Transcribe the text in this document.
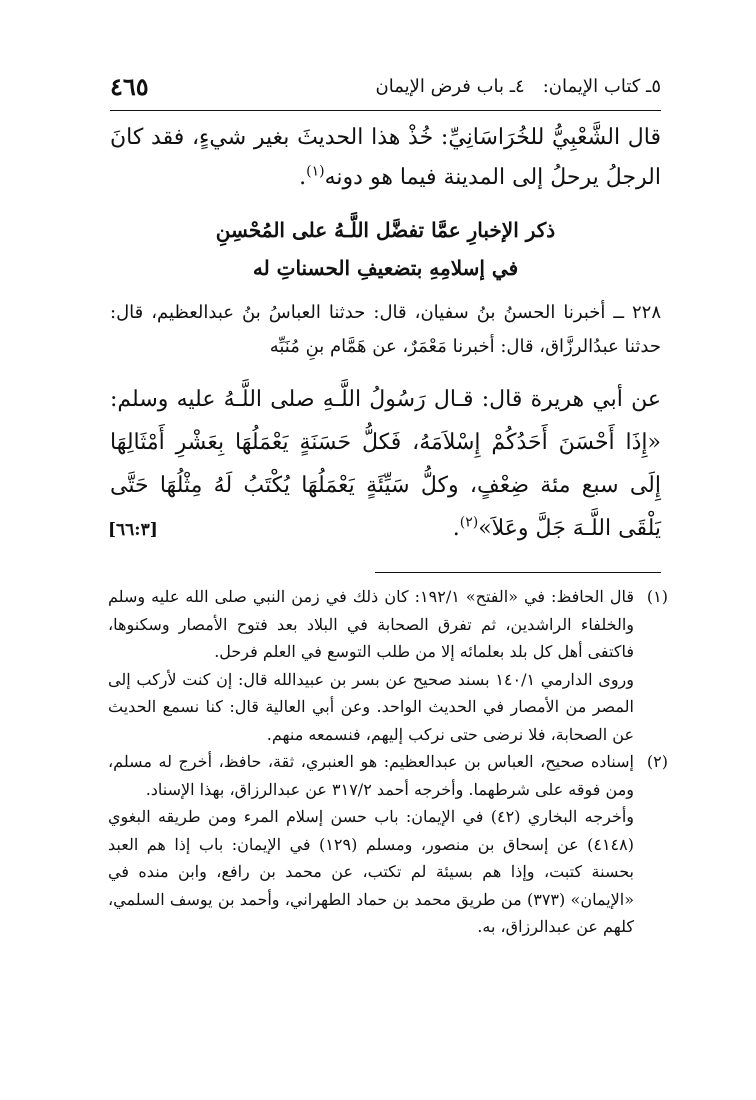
٥ـ كتاب الإيمان:٤ـ باب فرض الإيمان
٤٦٥
قال الشَّعْبِيُّ للخُرَاسَانِيِّ: خُذْ هذا الحديثَ بغير شيءٍ، فقد كانَ الرجلُ يرحلُ إلى المدينة فيما هو دونه$^{(١)}$.
ذكر الإخبارِ عمَّا تفضَّل اللَّـهُ على المُحْسِنِ
في إسلامِهِ بتضعيفِ الحسناتِ له
٢٢٨ ــ أخبرنا الحسنُ بنُ سفيان، قال: حدثنا العباسُ بنُ عبدالعظيم، قال: حدثنا عبدُالرزَّاق، قال: أخبرنا مَعْمَرٌ، عن هَمَّام بنِ مُنَبِّه
عن أبي هريرة قال: قـال رَسُولُ اللَّـهِ صلى اللَّـهُ عليه وسلم: «إِذَا أَحْسَنَ أَحَدُكُمْ إِسْلاَمَهُ، فَكلُّ حَسَنَةٍ يَعْمَلُهَا بِعَشْرِ أَمْثَالِهَا إِلَى سبع مئة ضِعْفٍ، وكلُّ سَيِّئَةٍ يَعْمَلُهَا يُكْتَبُ لَهُ مِثْلُهَا حَتَّى يَلْقَى اللَّـهَ جَلَّ وعَلاَ»$^{(٢)}$.
[٦٦:٣]
(١)

قال الحافظ: في «الفتح» ١٩٢/١: كان ذلك في زمن النبي صلى الله عليه وسلم والخلفاء الراشدين، ثم تفرق الصحابة في البلاد بعد فتوح الأمصار وسكنوها، فاكتفى أهل كل بلد بعلمائه إلا من طلب التوسع في العلم فرحل.

وروى الدارمي ١٤٠/١ بسند صحيح عن بسر بن عبيدالله قال: إن كنت لأركب إلى المصر من الأمصار في الحديث الواحد. وعن أبي العالية قال: كنا نسمع الحديث عن الصحابة، فلا نرضى حتى نركب إليهم، فنسمعه منهم.

(٢)

إسناده صحيح، العباس بن عبدالعظيم: هو العنبري، ثقة، حافظ، أخرج له مسلم، ومن فوقه على شرطهما. وأخرجه أحمد ٣١٧/٢ عن عبدالرزاق، بهذا الإسناد.

وأخرجه البخاري (٤٢) في الإيمان: باب حسن إسلام المرء ومن طريقه البغوي (٤١٤٨) عن إسحاق بن منصور، ومسلم (١٢٩) في الإيمان: باب إذا هم العبد بحسنة كتبت، وإذا هم بسيئة لم تكتب، عن محمد بن رافع، وابن منده في «الإيمان» (٣٧٣) من طريق محمد بن حماد الطهراني، وأحمد بن يوسف السلمي، كلهم عن عبدالرزاق، به.
